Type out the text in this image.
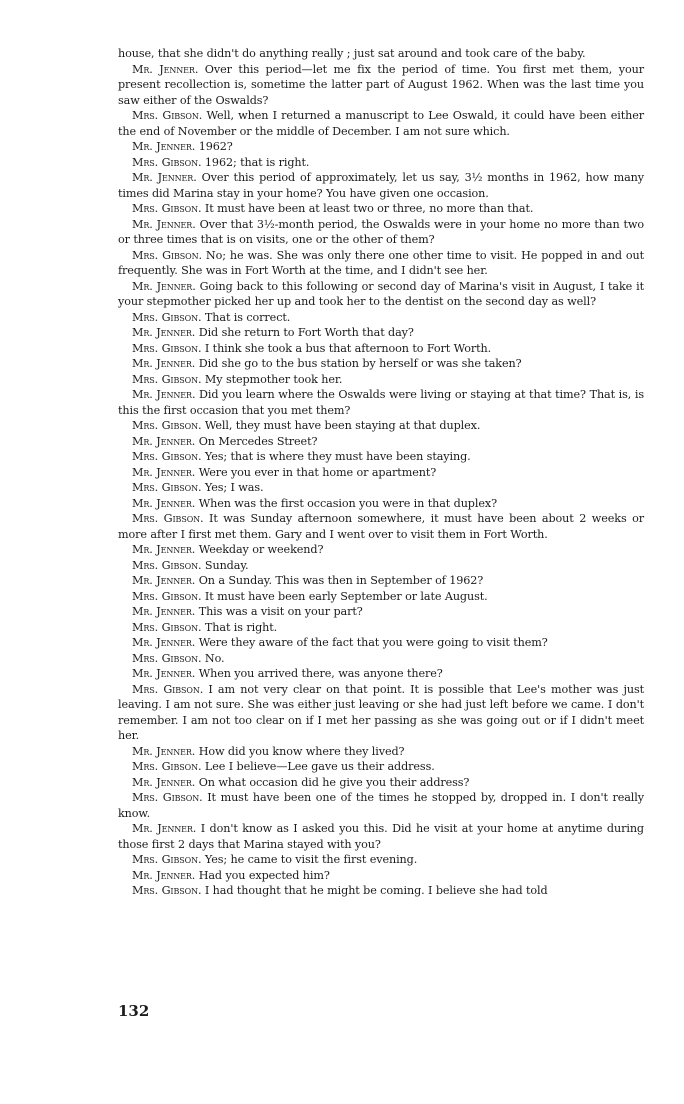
house, that she didn't do anything really ; just sat around and took care of the baby.

Mr. Jenner. Over this period—let me fix the period of time. You first met them, your present recollection is, sometime the latter part of August 1962. When was the last time you saw either of the Oswalds?

Mrs. Gibson. Well, when I returned a manuscript to Lee Oswald, it could have been either the end of November or the middle of December. I am not sure which.

Mr. Jenner. 1962?

Mrs. Gibson. 1962; that is right.

Mr. Jenner. Over this period of approximately, let us say, 3½ months in 1962, how many times did Marina stay in your home? You have given one occasion.

Mrs. Gibson. It must have been at least two or three, no more than that.

Mr. Jenner. Over that 3½-month period, the Oswalds were in your home no more than two or three times that is on visits, one or the other of them?

Mrs. Gibson. No; he was. She was only there one other time to visit. He popped in and out frequently. She was in Fort Worth at the time, and I didn't see her.

Mr. Jenner. Going back to this following or second day of Marina's visit in August, I take it your stepmother picked her up and took her to the dentist on the second day as well?

Mrs. Gibson. That is correct.

Mr. Jenner. Did she return to Fort Worth that day?

Mrs. Gibson. I think she took a bus that afternoon to Fort Worth.

Mr. Jenner. Did she go to the bus station by herself or was she taken?

Mrs. Gibson. My stepmother took her.

Mr. Jenner. Did you learn where the Oswalds were living or staying at that time? That is, is this the first occasion that you met them?

Mrs. Gibson. Well, they must have been staying at that duplex.

Mr. Jenner. On Mercedes Street?

Mrs. Gibson. Yes; that is where they must have been staying.

Mr. Jenner. Were you ever in that home or apartment?

Mrs. Gibson. Yes; I was.

Mr. Jenner. When was the first occasion you were in that duplex?

Mrs. Gibson. It was Sunday afternoon somewhere, it must have been about 2 weeks or more after I first met them. Gary and I went over to visit them in Fort Worth.

Mr. Jenner. Weekday or weekend?

Mrs. Gibson. Sunday.

Mr. Jenner. On a Sunday. This was then in September of 1962?

Mrs. Gibson. It must have been early September or late August.

Mr. Jenner. This was a visit on your part?

Mrs. Gibson. That is right.

Mr. Jenner. Were they aware of the fact that you were going to visit them?

Mrs. Gibson. No.

Mr. Jenner. When you arrived there, was anyone there?

Mrs. Gibson. I am not very clear on that point. It is possible that Lee's mother was just leaving. I am not sure. She was either just leaving or she had just left before we came. I don't remember. I am not too clear on if I met her passing as she was going out or if I didn't meet her.

Mr. Jenner. How did you know where they lived?

Mrs. Gibson. Lee I believe—Lee gave us their address.

Mr. Jenner. On what occasion did he give you their address?

Mrs. Gibson. It must have been one of the times he stopped by, dropped in. I don't really know.

Mr. Jenner. I don't know as I asked you this. Did he visit at your home at anytime during those first 2 days that Marina stayed with you?

Mrs. Gibson. Yes; he came to visit the first evening.

Mr. Jenner. Had you expected him?

Mrs. Gibson. I had thought that he might be coming. I believe she had told

132
